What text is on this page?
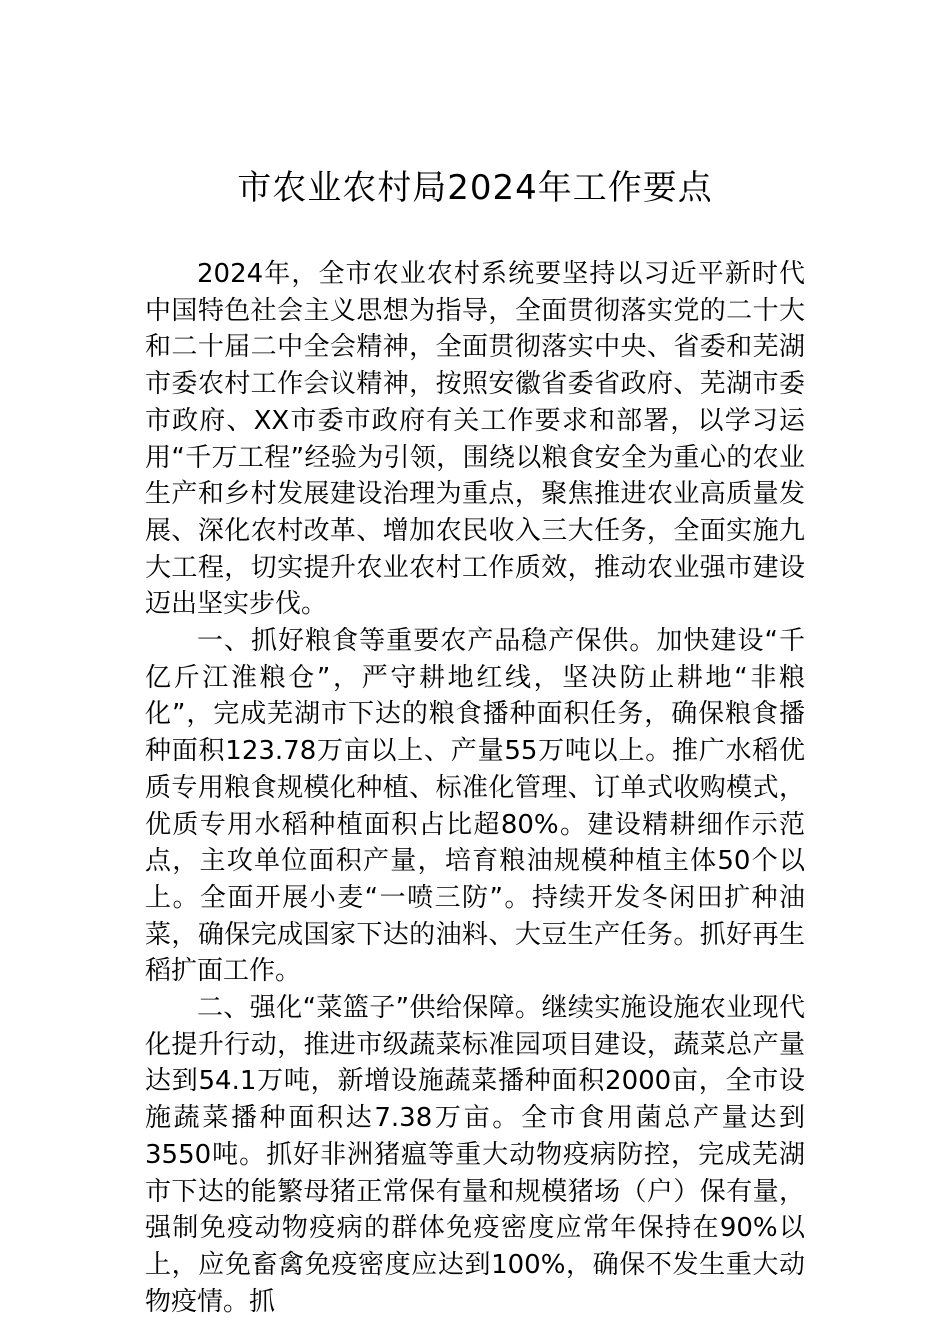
市农业农村局2024年工作要点

2024年，全市农业农村系统要坚持以习近平新时代中国特色社会主义思想为指导，全面贯彻落实党的二十大和二十届二中全会精神，全面贯彻落实中央、省委和芜湖市委农村工作会议精神，按照安徽省委省政府、芜湖市委市政府、XX市委市政府有关工作要求和部署，以学习运用“千万工程”经验为引领，围绕以粮食安全为重心的农业生产和乡村发展建设治理为重点，聚焦推进农业高质量发展、深化农村改革、增加农民收入三大任务，全面实施九大工程，切实提升农业农村工作质效，推动农业强市建设迈出坚实步伐。

一、抓好粮食等重要农产品稳产保供。加快建设“千亿斤江淮粮仓”，严守耕地红线，坚决防止耕地“非粮化”，完成芜湖市下达的粮食播种面积任务，确保粮食播种面积123.78万亩以上、产量55万吨以上。推广水稻优质专用粮食规模化种植、标准化管理、订单式收购模式，优质专用水稻种植面积占比超80%。建设精耕细作示范点，主攻单位面积产量，培育粮油规模种植主体50个以上。全面开展小麦“一喷三防”。持续开发冬闲田扩种油菜，确保完成国家下达的油料、大豆生产任务。抓好再生稻扩面工作。

二、强化“菜篮子”供给保障。继续实施设施农业现代化提升行动，推进市级蔬菜标准园项目建设，蔬菜总产量达到54.1万吨，新增设施蔬菜播种面积2000亩，全市设施蔬菜播种面积达7.38万亩。全市食用菌总产量达到3550吨。抓好非洲猪瘟等重大动物疫病防控，完成芜湖市下达的能繁母猪正常保有量和规模猪场（户）保有量，强制免疫动物疫病的群体免疫密度应常年保持在90%以上，应免畜禽免疫密度应达到100%，确保不发生重大动物疫情。抓
